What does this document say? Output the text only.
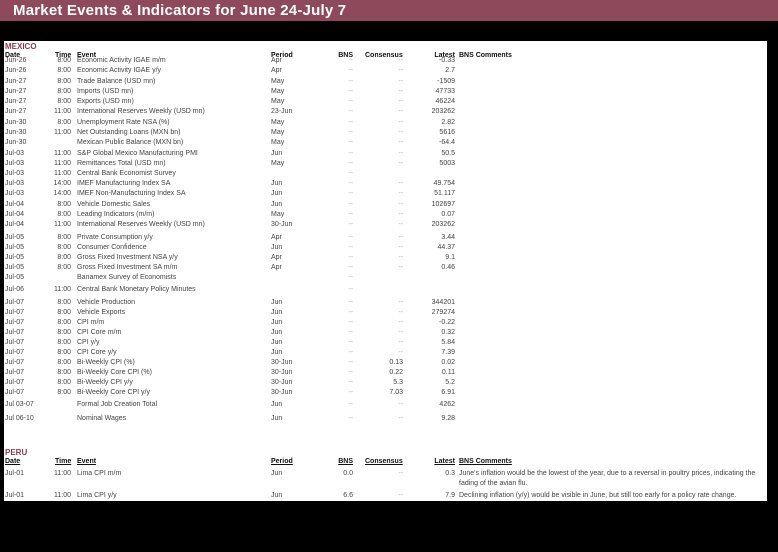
Market Events & Indicators for June 24-July 7
MEXICO
Date	Time Event	Period	BNS Consensus	Latest BNS Comments
Jun-26	8:00 Economic Activity IGAE m/m	Apr	--	--	-0.33
Jun-26	8:00 Economic Activity IGAE y/y	Apr	--	--	2.7
Jun-27	8:00 Trade Balance (USD mn)	May	--	--	-1509
Jun-27	8:00 Imports (USD mn)	May	--	--	47733
Jun-27	8:00 Exports (USD mn)	May	--	--	46224
Jun-27	11:00 International Reserves Weekly (USD mn)	23-Jun	--	--	203262
Jun-30	8:00 Unemployment Rate NSA (%)	May	--	--	2.82
Jun-30	11:00 Net Outstanding Loans (MXN bn)	May	--	--	5616
Jun-30	Mexican Public Balance (MXN bn)	May	--	--	-64.4
Jul-03	11:00 S&P Global Mexico Manufacturing PMI	Jun	--	--	50.5
Jul-03	11:00 Remittances Total (USD mn)	May	--	--	5003
Jul-03	11:00 Central Bank Economist Survey	--
Jul-03	14:00 IMEF Manufacturing Index SA	Jun	--	--	49.754
Jul-03	14:00 IMEF Non-Manufacturing Index SA	Jun	--	--	51.117
Jul-04	8:00 Vehicle Domestic Sales	Jun	--	--	102697
Jul-04	8:00 Leading Indicators (m/m)	May	--	--	0.07
Jul-04	11:00 International Reserves Weekly (USD mn)	30-Jun	--	--	203262
Jul-05	8:00 Private Consumption y/y	Apr	--	--	3.44
Jul-05	8:00 Consumer Confidence	Jun	--	--	44.37
Jul-05	8:00 Gross Fixed Investment NSA y/y	Apr	--	--	9.1
Jul-05	8:00 Gross Fixed Investment SA m/m	Apr	--	--	0.46
Jul-05	Banamex Survey of Economists	--
Jul-06	11:00 Central Bank Monetary Policy Minutes	--
Jul-07	8:00 Vehicle Production	Jun	--	--	344201
Jul-07	8:00 Vehicle Exports	Jun	--	--	279274
Jul-07	8:00 CPI m/m	Jun	--	--	-0.22
Jul-07	8:00 CPI Core m/m	Jun	--	--	0.32
Jul-07	8:00 CPI y/y	Jun	--	--	5.84
Jul-07	8:00 CPI Core y/y	Jun	--	--	7.39
Jul-07	8:00 Bi-Weekly CPI (%)	30-Jun	--	0.13	0.02
Jul-07	8:00 Bi-Weekly Core CPI (%)	30-Jun	--	0.22	0.11
Jul-07	8:00 Bi-Weekly CPI y/y	30-Jun	--	5.3	5.2
Jul-07	8:00 Bi-Weekly Core CPI y/y	30-Jun	--	7.03	6.91
Jul 03-07	Formal Job Creation Total	Jun	--	--	4262
Jul 06-10	Nominal Wages	Jun	--	--	9.28
PERU
Date	Time Event	Period	BNS Consensus	Latest BNS Comments
Jul-01	11:00 Lima CPI m/m	Jun	0.0	--	0.3 June's inflation would be the lowest of the year, due to a reversal in poultry prices, indicating the fading of the avian flu.
Jul-01	11:00 Lima CPI y/y	Jun	6.6	--	7.9 Declining inflation (y/y) would be visible in June, but still too early for a policy rate change.
